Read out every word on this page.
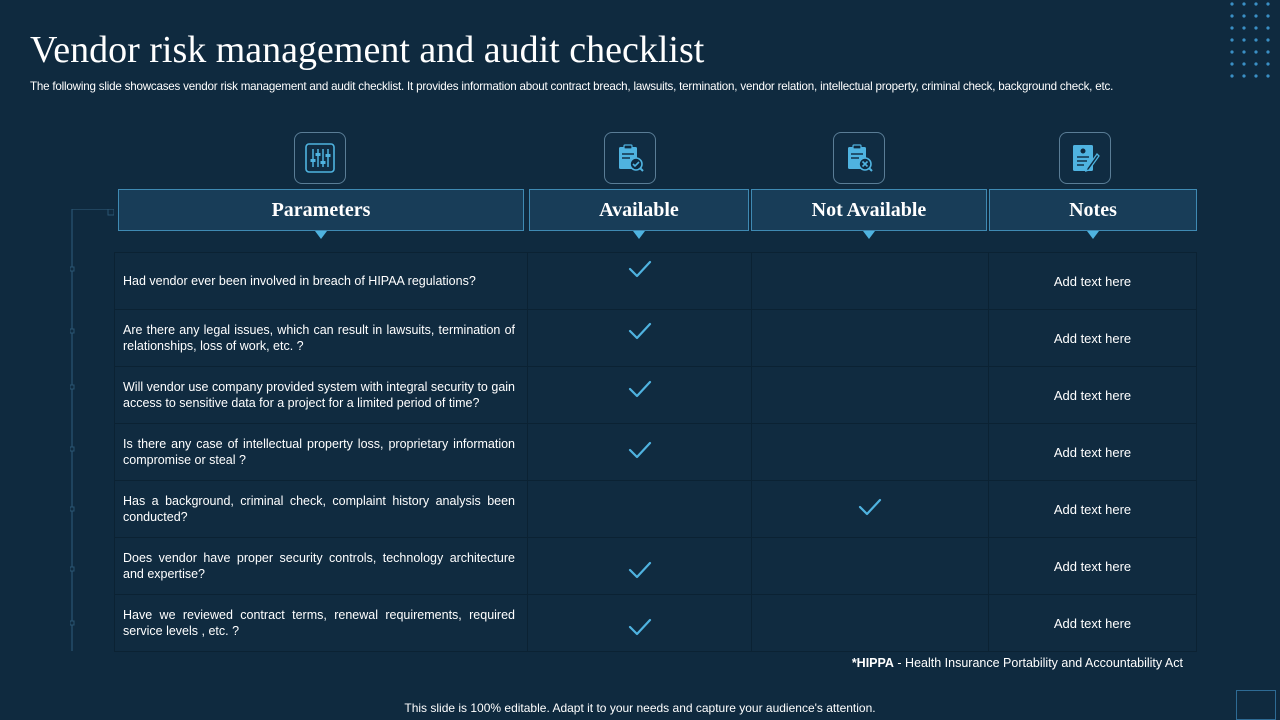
Vendor risk management and audit checklist
The following slide showcases vendor risk management and audit checklist. It provides information about contract breach, lawsuits, termination, vendor relation, intellectual property, criminal check, background check, etc.
Parameters	Available	Not Available	Notes
Had vendor ever been involved in breach of HIPAA regulations?			Add text here

Are there any legal issues, which can result in lawsuits, termination of relationships, loss of work, etc. ?			Add text here

Will vendor use company provided system with integral security to gain access to sensitive data for a project for a limited period of time?			Add text here

Is there any case of intellectual property loss, proprietary information compromise or steal ?			Add text here

Has a background, criminal check, complaint history analysis been conducted?			Add text here

Does vendor have proper security controls, technology architecture and expertise?			Add text here

Have we reviewed contract terms, renewal requirements, required service levels , etc. ?			Add text here
*HIPPA - Health Insurance Portability and Accountability Act
This slide is 100% editable. Adapt it to your needs and capture your audience's attention.
